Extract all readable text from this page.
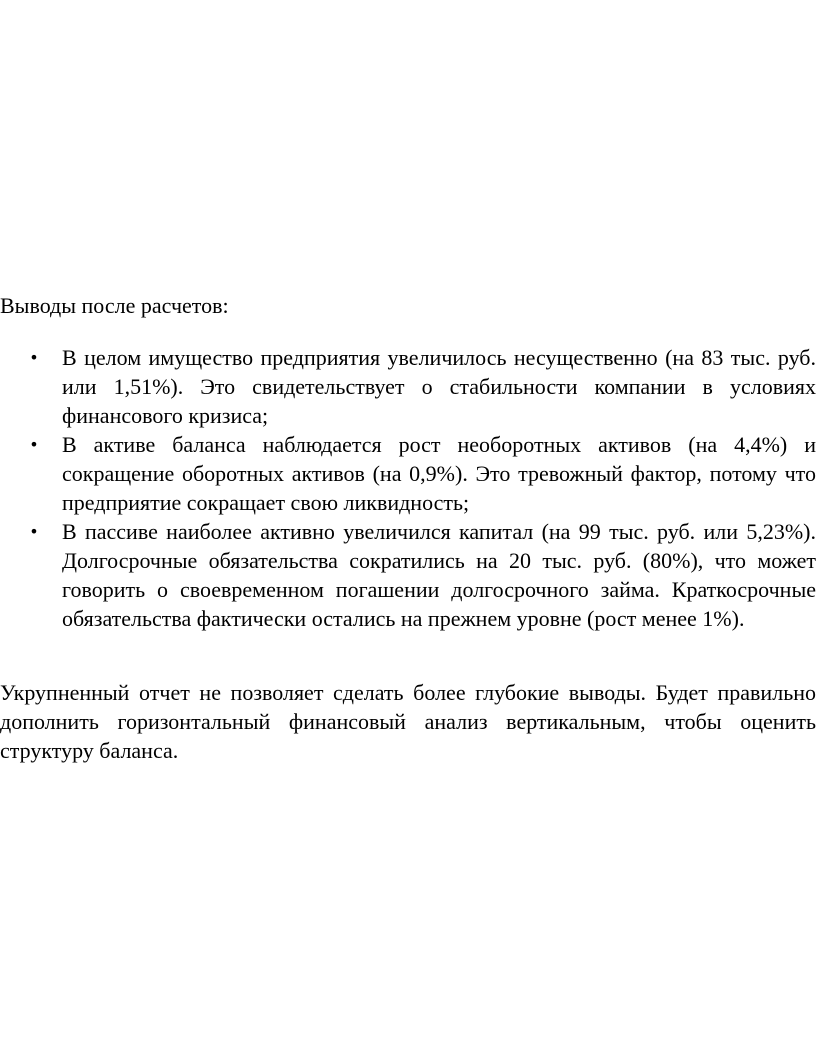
Выводы после расчетов:

• В целом имущество предприятия увеличилось несущественно (на 83 тыс. руб. или 1,51%). Это свидетельствует о стабильности компании в условиях финансового кризиса;
• В активе баланса наблюдается рост необоротных активов (на 4,4%) и сокращение оборотных активов (на 0,9%). Это тревожный фактор, потому что предприятие сокращает свою ликвидность;
• В пассиве наиболее активно увеличился капитал (на 99 тыс. руб. или 5,23%). Долгосрочные обязательства сократились на 20 тыс. руб. (80%), что может говорить о своевременном погашении долгосрочного займа. Краткосрочные обязательства фактически остались на прежнем уровне (рост менее 1%).

Укрупненный отчет не позволяет сделать более глубокие выводы. Будет правильно дополнить горизонтальный финансовый анализ вертикальным, чтобы оценить структуру баланса.
